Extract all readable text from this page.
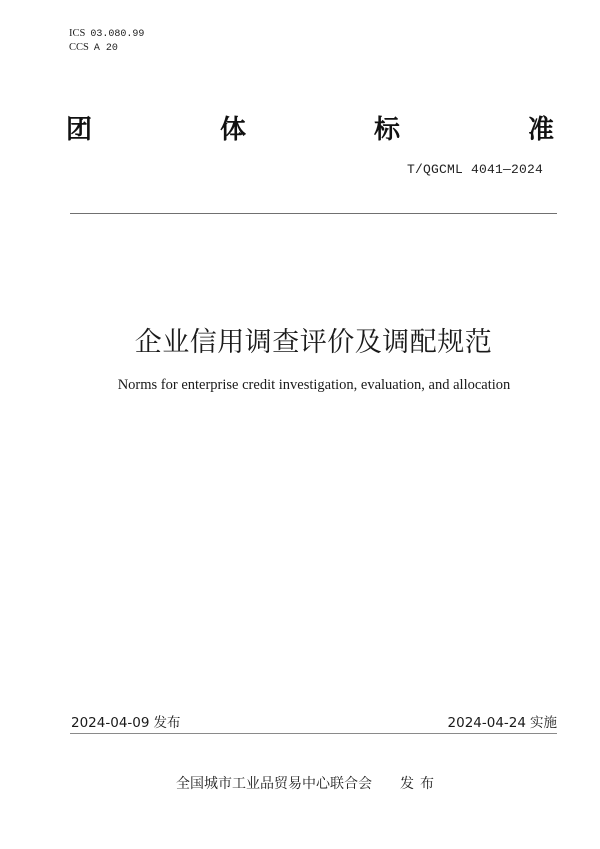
ICS 03.080.99
CCS A 20
团	体	标	准
T/QGCML 4041—2024
企业信用调查评价及调配规范
Norms for enterprise credit investigation, evaluation, and allocation
2024-04-09 发布	2024-04-24 实施
全国城市工业品贸易中心联合会 发布
